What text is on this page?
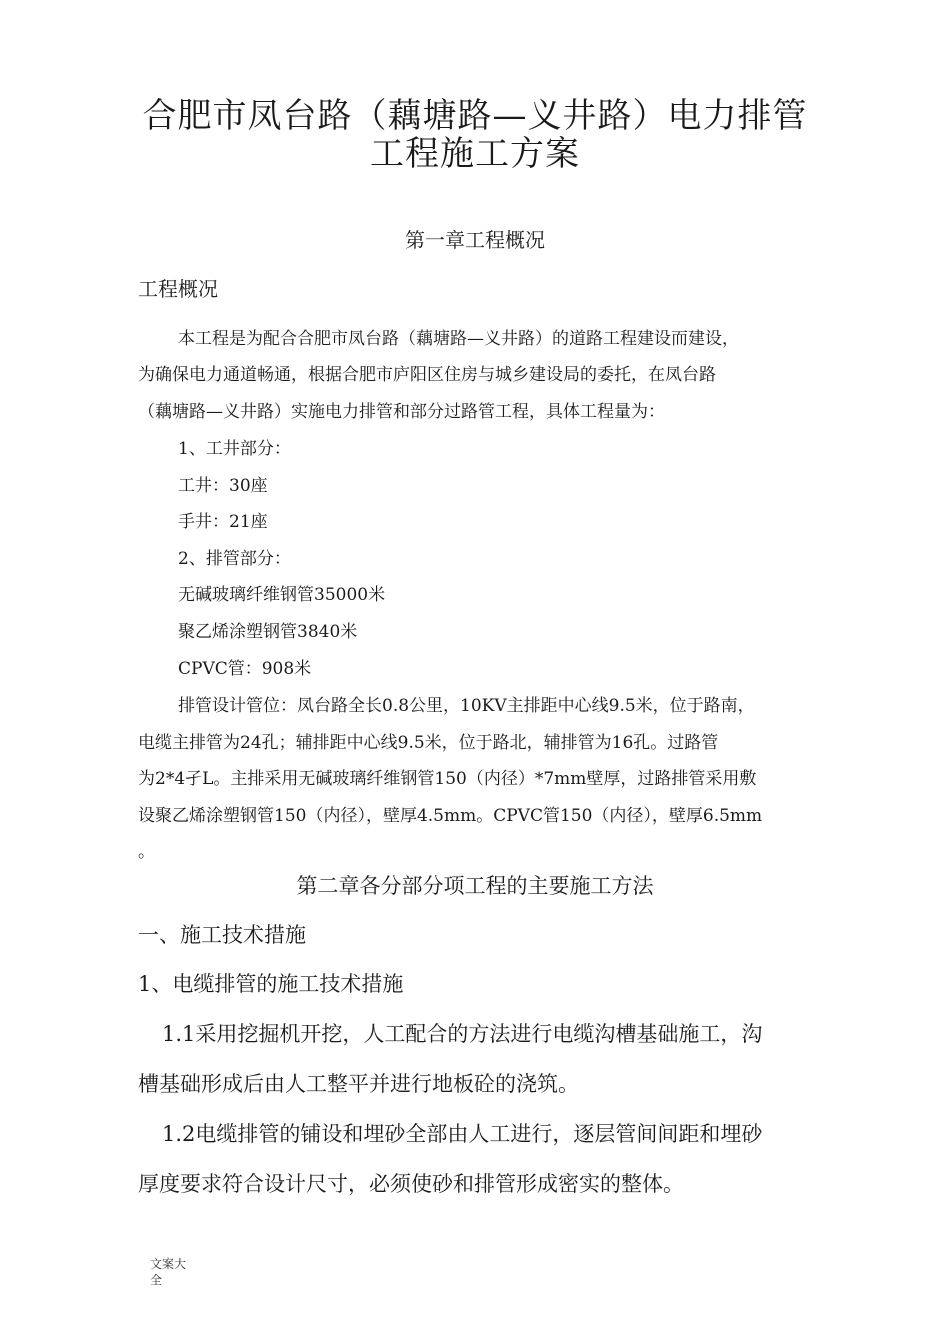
合肥市凤台路（藕塘路—义井路）电力排管
工程施工方案
第一章工程概况
工程概况
本工程是为配合合肥市凤台路（藕塘路—义井路）的道路工程建设而建设，
为确保电力通道畅通，根据合肥市庐阳区住房与城乡建设局的委托，在凤台路
（藕塘路—义井路）实施电力排管和部分过路管工程，具体工程量为：
1、工井部分：
工井：30座
手井：21座
2、排管部分：
无碱玻璃纤维钢管35000米
聚乙烯涂塑钢管3840米
CPVC管：908米
排管设计管位：凤台路全长0.8公里，10KV主排距中心线9.5米，位于路南，
电缆主排管为24孔；辅排距中心线9.5米，位于路北，辅排管为16孔。过路管
为2*4孑L。主排采用无碱玻璃纤维钢管150（内径）*7mm壁厚，过路排管采用敷
设聚乙烯涂塑钢管150（内径），壁厚4.5mm。CPVC管150（内径），壁厚6.5mm
。
第二章各分部分项工程的主要施工方法
一、施工技术措施
1、电缆排管的施工技术措施
1.1采用挖掘机开挖，人工配合的方法进行电缆沟槽基础施工，沟
槽基础形成后由人工整平并进行地板砼的浇筑。
1.2电缆排管的铺设和埋砂全部由人工进行，逐层管间间距和埋砂
厚度要求符合设计尺寸，必须使砂和排管形成密实的整体。
文案大全
